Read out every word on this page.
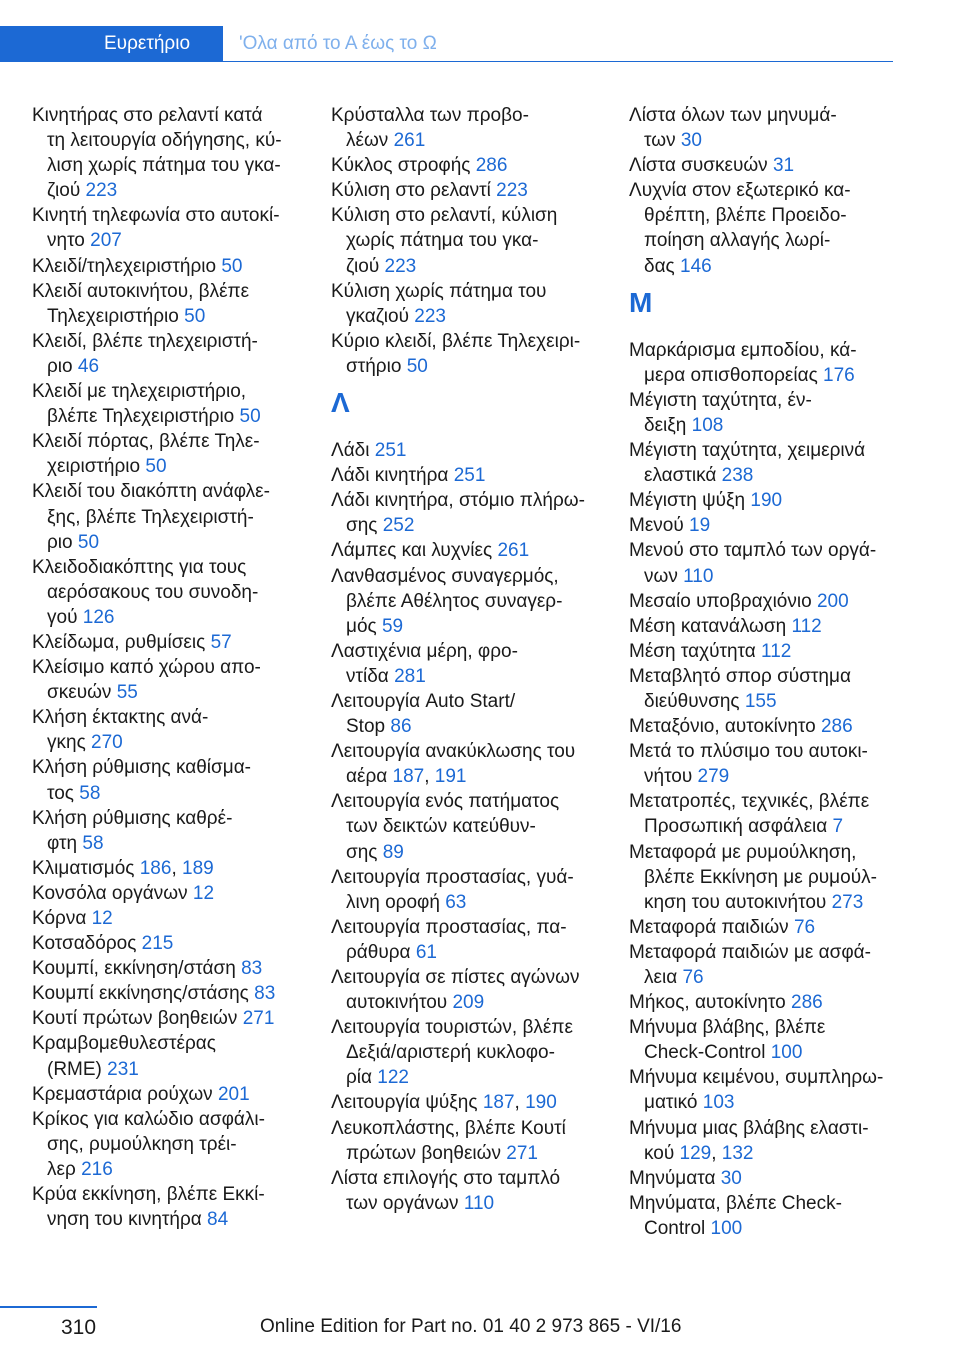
Ευρετήριο	'Ολα από το Α έως το Ω
Κινητήρας στο ρελαντί κατά
τη λειτουργία οδήγησης, κύ-
λιση χωρίς πάτημα του γκα-
ζιού 223
Κινητή τηλεφωνία στο αυτοκί-
νητο 207
Κλειδί/τηλεχειριστήριο 50
Κλειδί αυτοκινήτου, βλέπε
Τηλεχειριστήριο 50
Κλειδί, βλέπε τηλεχειριστή-
ριο 46
Κλειδί με τηλεχειριστήριο,
βλέπε Τηλεχειριστήριο 50
Κλειδί πόρτας, βλέπε Τηλε-
χειριστήριο 50
Κλειδί του διακόπτη ανάφλε-
ξης, βλέπε Τηλεχειριστή-
ριο 50
Κλειδοδιακόπτης για τους
αερόσακους του συνοδη-
γού 126
Κλείδωμα, ρυθμίσεις 57
Κλείσιμο καπό χώρου απο-
σκευών 55
Κλήση έκτακτης ανά-
γκης 270
Κλήση ρύθμισης καθίσμα-
τος 58
Κλήση ρύθμισης καθρέ-
φτη 58
Κλιματισμός 186, 189
Κονσόλα οργάνων 12
Κόρνα 12
Κοτσαδόρος 215
Κουμπί, εκκίνηση/στάση 83
Κουμπί εκκίνησης/στάσης 83
Κουτί πρώτων βοηθειών 271
Κραμβομεθυλεστέρας
(RME) 231
Κρεμαστάρια ρούχων 201
Κρίκος για καλώδιο ασφάλι-
σης, ρυμούλκηση τρέι-
λερ 216
Κρύα εκκίνηση, βλέπε Εκκί-
νηση του κινητήρα 84
Κρύσταλλα των προβο-
λέων 261
Κύκλος στροφής 286
Κύλιση στο ρελαντί 223
Κύλιση στο ρελαντί, κύλιση
χωρίς πάτημα του γκα-
ζιού 223
Κύλιση χωρίς πάτημα του
γκαζιού 223
Κύριο κλειδί, βλέπε Τηλεχειρι-
στήριο 50
Λ
Λάδι 251
Λάδι κινητήρα 251
Λάδι κινητήρα, στόμιο πλήρω-
σης 252
Λάμπες και λυχνίες 261
Λανθασμένος συναγερμός,
βλέπε Αθέλητος συναγερ-
μός 59
Λαστιχένια μέρη, φρο-
ντίδα 281
Λειτουργία Auto Start/
Stop 86
Λειτουργία ανακύκλωσης του
αέρα 187, 191
Λειτουργία ενός πατήματος
των δεικτών κατεύθυν-
σης 89
Λειτουργία προστασίας, γυά-
λινη οροφή 63
Λειτουργία προστασίας, πα-
ράθυρα 61
Λειτουργία σε πίστες αγώνων
αυτοκινήτου 209
Λειτουργία τουριστών, βλέπε
Δεξιά/αριστερή κυκλοφο-
ρία 122
Λειτουργία ψύξης 187, 190
Λευκοπλάστης, βλέπε Κουτί
πρώτων βοηθειών 271
Λίστα επιλογής στο ταμπλό
των οργάνων 110
Λίστα όλων των μηνυμά-
των 30
Λίστα συσκευών 31
Λυχνία στον εξωτερικό κα-
θρέπτη, βλέπε Προειδο-
ποίηση αλλαγής λωρί-
δας 146
Μ
Μαρκάρισμα εμποδίου, κά-
μερα οπισθοπορείας 176
Μέγιστη ταχύτητα, έν-
δειξη 108
Μέγιστη ταχύτητα, χειμερινά
ελαστικά 238
Μέγιστη ψύξη 190
Μενού 19
Μενού στο ταμπλό των οργά-
νων 110
Μεσαίο υποβραχιόνιο 200
Μέση κατανάλωση 112
Μέση ταχύτητα 112
Μεταβλητό σπορ σύστημα
διεύθυνσης 155
Μεταξόνιο, αυτοκίνητο 286
Μετά το πλύσιμο του αυτοκι-
νήτου 279
Μετατροπές, τεχνικές, βλέπε
Προσωπική ασφάλεια 7
Μεταφορά με ρυμούλκηση,
βλέπε Εκκίνηση με ρυμούλ-
κηση του αυτοκινήτου 273
Μεταφορά παιδιών 76
Μεταφορά παιδιών με ασφά-
λεια 76
Μήκος, αυτοκίνητο 286
Μήνυμα βλάβης, βλέπε
Check-Control 100
Μήνυμα κειμένου, συμπληρω-
ματικό 103
Μήνυμα μιας βλάβης ελαστι-
κού 129, 132
Μηνύματα 30
Μηνύματα, βλέπε Check-
Control 100
310	Online Edition for Part no. 01 40 2 973 865 - VI/16
